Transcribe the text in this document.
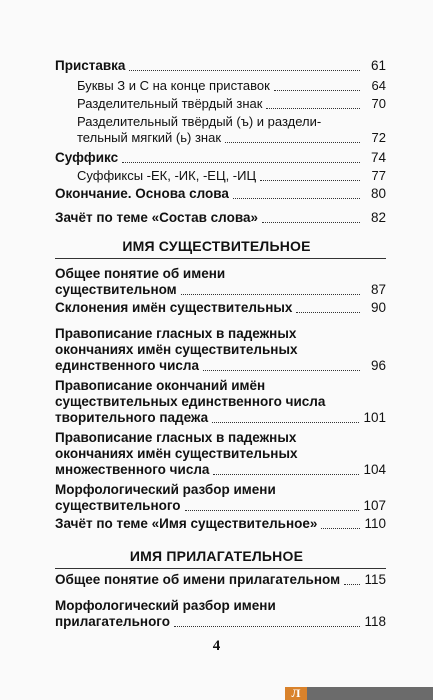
Приставка	61
Буквы З и С на конце приставок	64
Разделительный твёрдый знак	70
Разделительный твёрдый (ъ) и раздели-
тельный мягкий (ь) знак	72
Суффикс	74
Суффиксы -ЕК, -ИК, -ЕЦ, -ИЦ	77
Окончание. Основа слова	80
Зачёт по теме «Состав слова»	82
ИМЯ СУЩЕСТВИТЕЛЬНОЕ
Общее понятие об имени
существительном	87
Склонения имён существительных	90
Правописание гласных в падежных
окончаниях имён существительных
единственного числа	96
Правописание окончаний имён
существительных единственного числа
творительного падежа	101
Правописание гласных в падежных
окончаниях имён существительных
множественного числа	104
Морфологический разбор имени
существительного	107
Зачёт по теме «Имя существительное»	110
ИМЯ ПРИЛАГАТЕЛЬНОЕ
Общее понятие об имени прилагательном 115
Морфологический разбор имени
прилагательного	118
4
Л
